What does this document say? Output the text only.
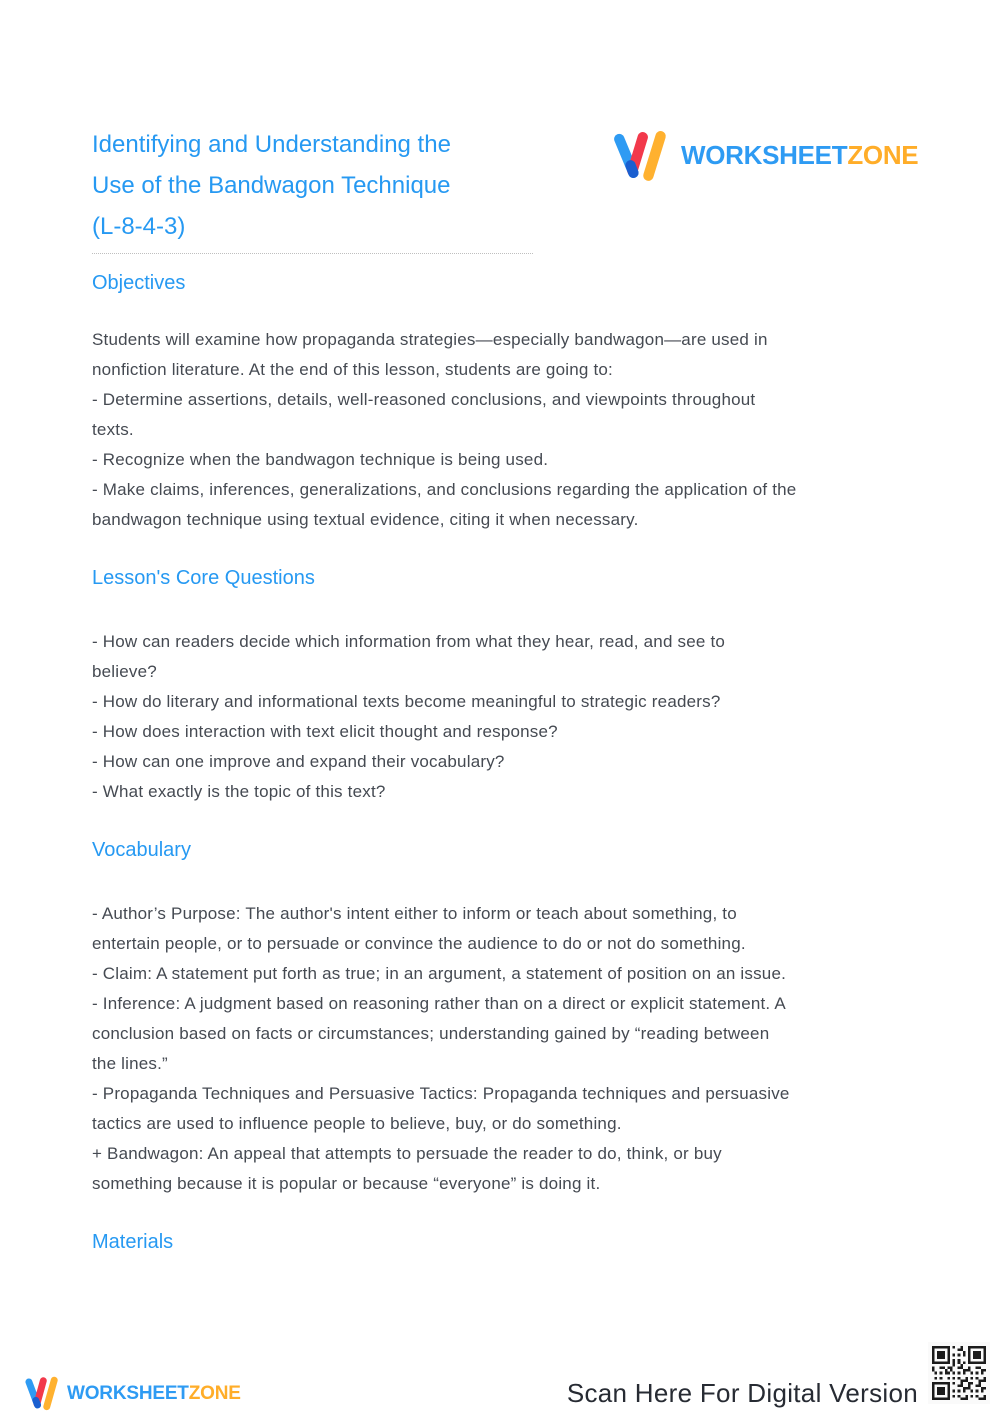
WORKSHEETZONE
Identifying and Understanding the
Use of the Bandwagon Technique
(L-8-4-3)
Objectives
Students will examine how propaganda strategies—especially bandwagon—are used in
nonfiction literature. At the end of this lesson, students are going to:
- Determine assertions, details, well-reasoned conclusions, and viewpoints throughout
texts.
- Recognize when the bandwagon technique is being used.
- Make claims, inferences, generalizations, and conclusions regarding the application of the
bandwagon technique using textual evidence, citing it when necessary.
Lesson's Core Questions
- How can readers decide which information from what they hear, read, and see to
believe?
- How do literary and informational texts become meaningful to strategic readers?
- How does interaction with text elicit thought and response?
- How can one improve and expand their vocabulary?
- What exactly is the topic of this text?
Vocabulary
- Author’s Purpose: The author's intent either to inform or teach about something, to
entertain people, or to persuade or convince the audience to do or not do something.
- Claim: A statement put forth as true; in an argument, a statement of position on an issue.
- Inference: A judgment based on reasoning rather than on a direct or explicit statement. A
conclusion based on facts or circumstances; understanding gained by “reading between
the lines.”
- Propaganda Techniques and Persuasive Tactics: Propaganda techniques and persuasive
tactics are used to influence people to believe, buy, or do something.
+ Bandwagon: An appeal that attempts to persuade the reader to do, think, or buy
something because it is popular or because “everyone” is doing it.
Materials
WORKSHEETZONE	Scan Here For Digital Version
